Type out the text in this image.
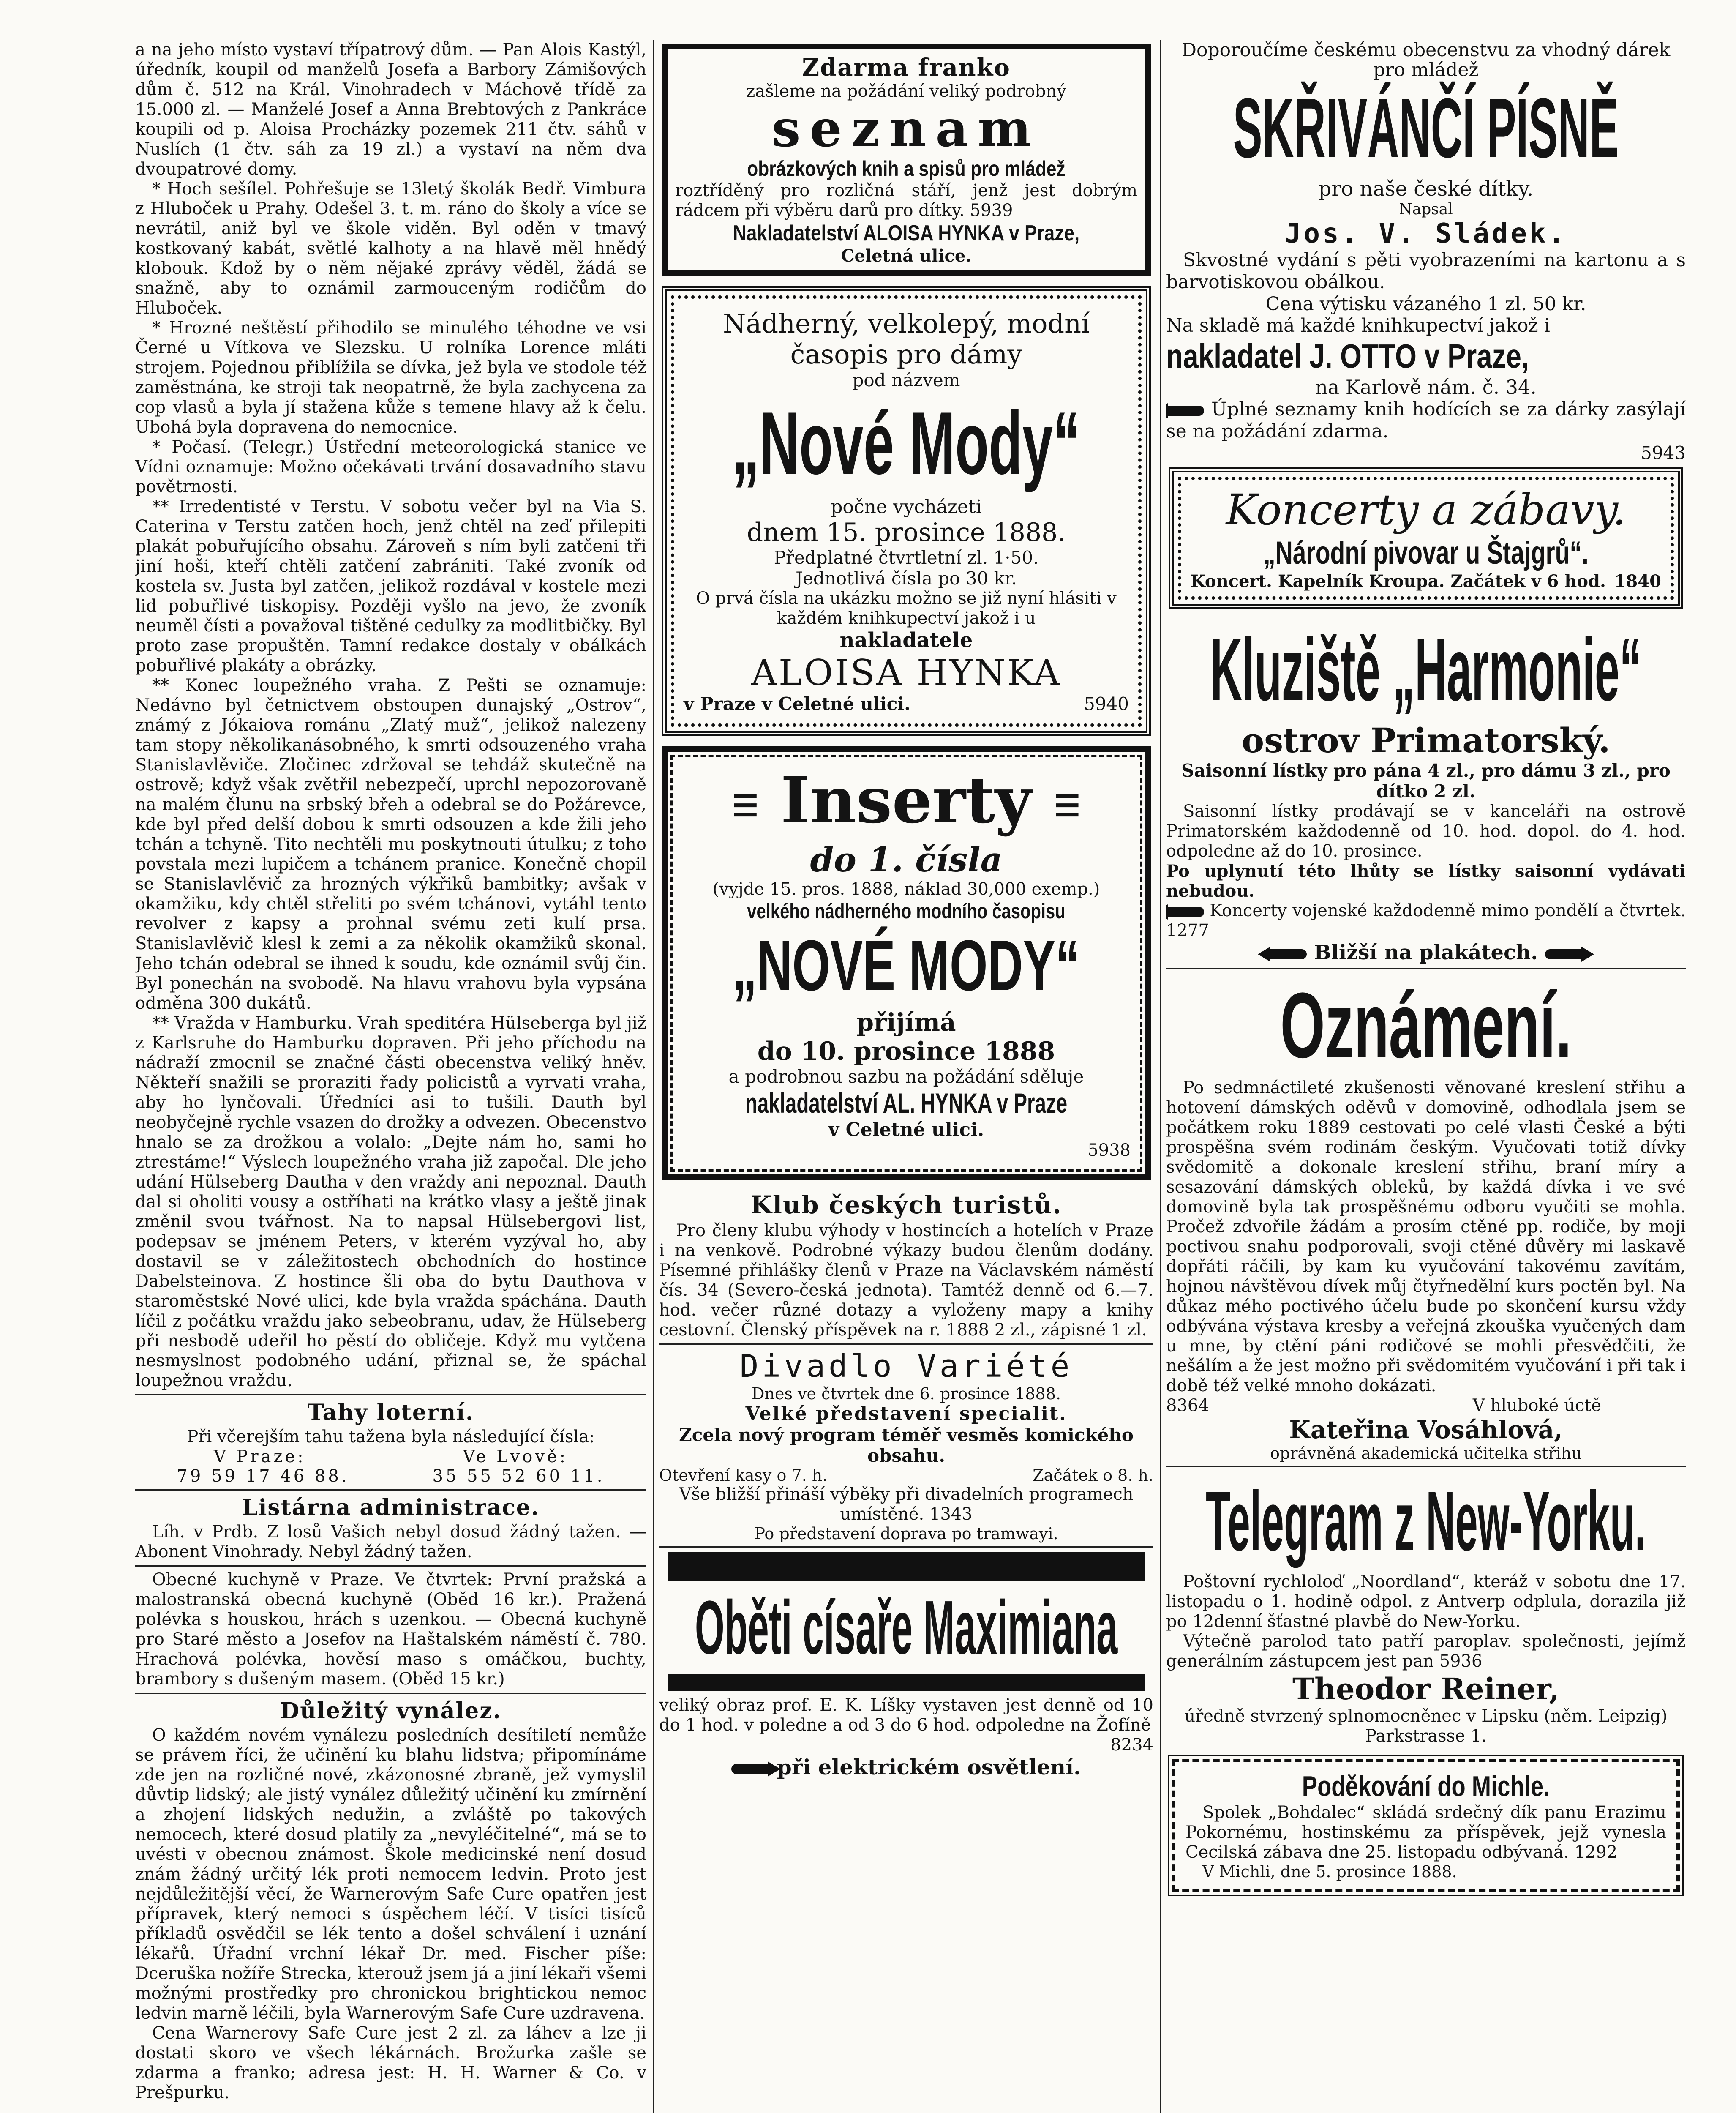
a na jeho místo vystaví třípatrový dům. — Pan Alois Kastýl, úředník, koupil od manželů Josefa a Barbory Zámišových dům č. 512 na Král. Vinohradech v Máchově třídě za 15.000 zl. — Manželé Josef a Anna Brebtových z Pankráce koupili od p. Aloisa Procházky pozemek 211 čtv. sáhů v Nuslích (1 čtv. sáh za 19 zl.) a vystaví na něm dva dvoupatrové domy.

* Hoch sešílel. Pohřešuje se 13letý školák Bedř. Vimbura z Hluboček u Prahy. Odešel 3. t. m. ráno do školy a více se nevrátil, aniž byl ve škole viděn. Byl oděn v tmavý kostkovaný kabát, světlé kalhoty a na hlavě měl hnědý klobouk. Kdož by o něm nějaké zprávy věděl, žádá se snažně, aby to oznámil zarmouceným rodičům do Hluboček.

* Hrozné neštěstí přihodilo se minulého téhodne ve vsi Černé u Vítkova ve Slezsku. U rolníka Lorence mláti strojem. Pojednou přiblížila se dívka, jež byla ve stodole též zaměstnána, ke stroji tak neopatrně, že byla zachycena za cop vlasů a byla jí stažena kůže s temene hlavy až k čelu. Ubohá byla dopravena do nemocnice.

* Počasí. (Telegr.) Ústřední meteorologická stanice ve Vídni oznamuje: Možno očekávati trvání dosavadního stavu povětrnosti.

** Irredentisté v Terstu. V sobotu večer byl na Via S. Caterina v Terstu zatčen hoch, jenž chtěl na zeď přilepiti plakát pobuřujícího obsahu. Zároveň s ním byli zatčeni tři jiní hoši, kteří chtěli zatčení zabrániti. Také zvoník od kostela sv. Justa byl zatčen, jelikož rozdával v kostele mezi lid pobuřlivé tiskopisy. Později vyšlo na jevo, že zvoník neuměl čísti a považoval tištěné cedulky za modlitbičky. Byl proto zase propuštěn. Tamní redakce dostaly v obálkách pobuřlivé plakáty a obrázky.

** Konec loupežného vraha. Z Pešti se oznamuje: Nedávno byl četnictvem obstoupen dunajský „Ostrov“, známý z Jókaiova románu „Zlatý muž“, jelikož nalezeny tam stopy několikanásobného, k smrti odsouzeného vraha Stanislavlěviče. Zločinec zdržoval se tehdáž skutečně na ostrově; když však zvětřil nebezpečí, uprchl nepozorovaně na malém člunu na srbský břeh a odebral se do Požárevce, kde byl před delší dobou k smrti odsouzen a kde žili jeho tchán a tchyně. Tito nechtěli mu poskytnouti útulku; z toho povstala mezi lupičem a tchánem pranice. Konečně chopil se Stanislavlěvič za hrozných výkřiků bambitky; avšak v okamžiku, kdy chtěl střeliti po svém tchánovi, vytáhl tento revolver z kapsy a prohnal svému zeti kulí prsa. Stanislavlěvič klesl k zemi a za několik okamžiků skonal. Jeho tchán odebral se ihned k soudu, kde oznámil svůj čin. Byl ponechán na svobodě. Na hlavu vrahovu byla vypsána odměna 300 dukátů.

** Vražda v Hamburku. Vrah speditéra Hülseberga byl již z Karlsruhe do Hamburku dopraven. Při jeho příchodu na nádraží zmocnil se značné části obecenstva veliký hněv. Někteří snažili se proraziti řady policistů a vyrvati vraha, aby ho lynčovali. Úředníci asi to tušili. Dauth byl neobyčejně rychle vsazen do drožky a odvezen. Obecenstvo hnalo se za drožkou a volalo: „Dejte nám ho, sami ho ztrestáme!“ Výslech loupežného vraha již započal. Dle jeho udání Hülseberg Dautha v den vraždy ani nepoznal. Dauth dal si oholiti vousy a ostříhati na krátko vlasy a ještě jinak změnil svou tvářnost. Na to napsal Hülsebergovi list, podepsav se jménem Peters, v kterém vyzýval ho, aby dostavil se v záležitostech obchodních do hostince Dabelsteinova. Z hostince šli oba do bytu Dauthova v staroměstské Nové ulici, kde byla vražda spáchána. Dauth líčil z počátku vraždu jako sebeobranu, udav, že Hülseberg při nesbodě udeřil ho pěstí do obličeje. Když mu vytčena nesmyslnost podobného udání, přiznal se, že spáchal loupežnou vraždu.

Tahy loterní.
Při včerejším tahu tažena byla následující čísla:
V Praze:	Ve Lvově:
79 59 17 46 88.	35 55 52 60 11.
Listárna administrace.

Líh. v Prdb. Z losů Vašich nebyl dosud žádný tažen. — Abonent Vinohrady. Nebyl žádný tažen.

Obecné kuchyně v Praze. Ve čtvrtek: První pražská a malostranská obecná kuchyně (Oběd 16 kr.). Pražená polévka s houskou, hrách s uzenkou. — Obecná kuchyně pro Staré město a Josefov na Haštalském náměstí č. 780. Hrachová polévka, hověsí maso s omáčkou, buchty, brambory s dušeným masem. (Oběd 15 kr.)

Důležitý vynález.

O každém novém vynálezu posledních desítiletí nemůže se právem říci, že učinění ku blahu lidstva; připomínáme zde jen na rozličné nové, zkázonosné zbraně, jež vymyslil důvtip lidský; ale jistý vynález důležitý učinění ku zmírnění a zhojení lidských nedužin, a zvláště po takových nemocech, které dosud platily za „nevyléčitelné“, má se to uvésti v obecnou známost. Škole medicinské není dosud znám žádný určitý lék proti nemocem ledvin. Proto jest nejdůležitější věcí, že Warnerovým Safe Cure opatřen jest přípravek, který nemoci s úspěchem léčí. V tisíci tisíců příkladů osvědčil se lék tento a došel schválení i uznání lékařů. Úřadní vrchní lékař Dr. med. Fischer píše: Dceruška nožíře Strecka, kterouž jsem já a jiní lékaři všemi možnými prostředky pro chronickou brightickou nemoc ledvin marně léčili, byla Warnerovým Safe Cure uzdravena.

Cena Warnerovy Safe Cure jest 2 zl. za láhev a lze ji dostati skoro ve všech lékárnách. Brožurka zašle se zdarma a franko; adresa jest: H. H. Warner & Co. v Prešpurku.

Zdarma franko
zašleme na požádání veliký podrobný
seznam
obrázkových knih a spisů pro mládež
roztříděný pro rozličná stáří, jenž jest dobrým rádcem při výběru darů pro dítky. 5939
Nakladatelství ALOISA HYNKA v Praze,
Celetná ulice.
Nádherný, velkolepý, modní
časopis pro dámy
pod názvem
„Nové Mody“
počne vycházeti
dnem 15. prosince 1888.
Předplatné čtvrtletní zl. 1·50.
Jednotlivá čísla po 30 kr.
O prvá čísla na ukázku možno se již nyní hlásiti v každém knihkupectví jakož i u
nakladatele
ALOISA HYNKA
v Praze v Celetné ulici.	5940
☰ Inserty ☰
do 1. čísla
(vyjde 15. pros. 1888, náklad 30,000 exemp.)
velkého nádherného modního časopisu
„NOVÉ MODY“
přijímá
do 10. prosince 1888
a podrobnou sazbu na požádání sděluje
nakladatelství AL. HYNKA v Praze
v Celetné ulici.
5938
Klub českých turistů.

Pro členy klubu výhody v hostincích a hotelích v Praze i na venkově. Podrobné výkazy budou členům dodány. Písemné přihlášky členů v Praze na Václavském náměstí čís. 34 (Severo-česká jednota). Tamtéž denně od 6.—7. hod. večer různé dotazy a vyloženy mapy a knihy cestovní. Členský příspěvek na r. 1888 2 zl., zápisné 1 zl.

Divadlo Variété
Dnes ve čtvrtek dne 6. prosince 1888.
Velké představení specialit.
Zcela nový program téměř vesměs komického obsahu.
Otevření kasy o 7. h.	Začátek o 8. h.
Vše bližší přináší výběky při divadelních programech umístěné. 1343
Po představení doprava po tramwayi.
Oběti císaře Maximiana

veliký obraz prof. E. K. Líšky vystaven jest denně od 10 do 1 hod. v poledne a od 3 do 6 hod. odpoledne na Žofíně

8234
při elektrickém osvětlení.
Doporoučíme českému obecenstvu za vhodný dárek pro mládež
SKŘIVÁNČÍ PÍSNĚ
pro naše české dítky.
Napsal
Jos. V. Sládek.
Skvostné vydání s pěti vyobrazeními na kartonu a s barvotiskovou obálkou.
Cena výtisku vázaného 1 zl. 50 kr.
Na skladě má každé knihkupectví jakož i
nakladatel J. OTTO v Praze,
na Karlově nám. č. 34.
Úplné seznamy knih hodících se za dárky zasýlají se na požádání zdarma.
5943
Koncerty a zábavy.
„Národní pivovar u Štajgrů“.
Koncert. Kapelník Kroupa. Začátek v 6 hod. 1840
Kluziště „Harmonie“
ostrov Primatorský.
Saisonní lístky pro pána 4 zl., pro dámu 3 zl., pro dítko 2 zl.

Saisonní lístky prodávají se v kanceláři na ostrově Primatorském každodenně od 10. hod. dopol. do 4. hod. odpoledne až do 10. prosince.

Po uplynutí této lhůty se lístky saisonní vydávati nebudou.

Koncerty vojenské každodenně mimo pondělí a čtvrtek. 1277

Bližší na plakátech.
Oznámení.

Po sedmnáctileté zkušenosti věnované kreslení střihu a hotovení dámských oděvů v domovině, odhodlala jsem se počátkem roku 1889 cestovati po celé vlasti České a býti prospěšna svém rodinám českým. Vyučovati totiž dívky svědomitě a dokonale kreslení střihu, braní míry a sesazování dámských obleků, by každá dívka i ve své domovině byla tak prospěšnému odboru vyučiti se mohla. Pročež zdvořile žádám a prosím ctěné pp. rodiče, by moji poctivou snahu podporovali, svoji ctěné důvěry mi laskavě dopřáti ráčili, by kam ku vyučování takovému zavítám, hojnou návštěvou dívek můj čtyřnedělní kurs poctěn byl. Na důkaz mého poctivého účelu bude po skončení kursu vždy odbývána výstava kresby a veřejná zkouška vyučených dam u mne, by ctění páni rodičové se mohli přesvědčiti, že nešálím a že jest možno při svědomitém vyučování i při tak i době též velké mnoho dokázati.

8364	V hluboké úctě
Kateřina Vosáhlová,
oprávněná akademická učitelka střihu
Telegram z New-Yorku.

Poštovní rychloloď „Noordland“, kteráž v sobotu dne 17. listopadu o 1. hodině odpol. z Antverp odplula, dorazila již po 12denní šťastné plavbě do New-Yorku.

Výtečně parolod tato patří paroplav. společnosti, jejímž generálním zástupcem jest pan 5936

Theodor Reiner,
úředně stvrzený splnomocněnec v Lipsku (něm. Leipzig) Parkstrasse 1.
Poděkování do Michle.

Spolek „Bohdalec“ skládá srdečný dík panu Erazimu Pokornému, hostinskému za příspěvek, jejž vynesla Cecilská zábava dne 25. listopadu odbývaná. 1292

V Michli, dne 5. prosince 1888.
